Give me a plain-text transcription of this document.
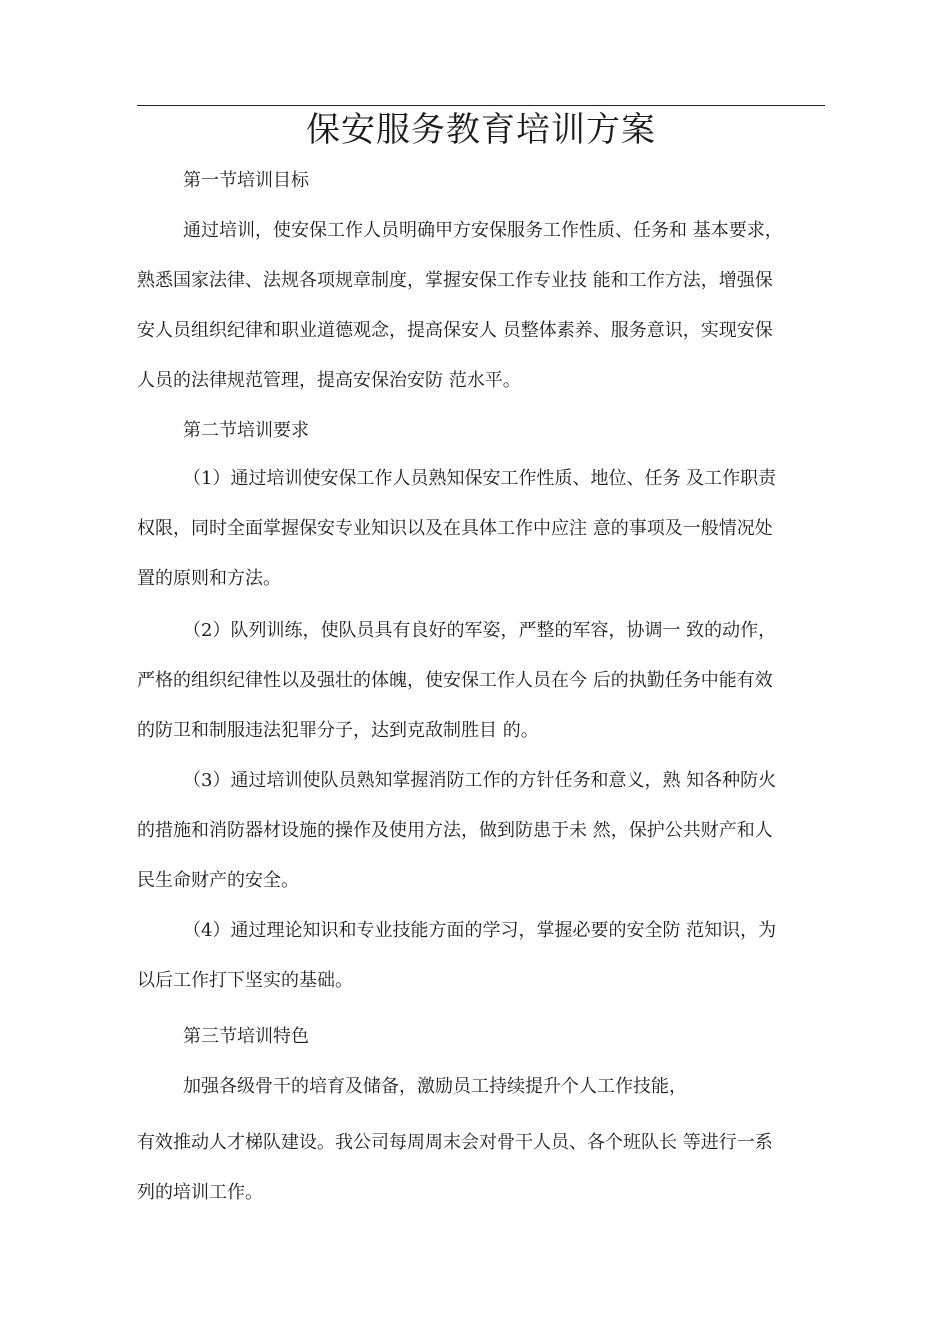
保安服务教育培训方案
第一节培训目标
通过培训，使安保工作人员明确甲方安保服务工作性质、任务和 基本要求，
熟悉国家法律、法规各项规章制度，掌握安保工作专业技 能和工作方法，增强保
安人员组织纪律和职业道德观念，提高保安人 员整体素养、服务意识，实现安保
人员的法律规范管理，提高安保治安防 范水平。
第二节培训要求
（1）通过培训使安保工作人员熟知保安工作性质、地位、任务 及工作职责
权限，同时全面掌握保安专业知识以及在具体工作中应注 意的事项及一般情况处
置的原则和方法。
（2）队列训练，使队员具有良好的军姿，严整的军容，协调一 致的动作，
严格的组织纪律性以及强壮的体魄，使安保工作人员在今 后的执勤任务中能有效
的防卫和制服违法犯罪分子，达到克敌制胜目 的。
（3）通过培训使队员熟知掌握消防工作的方针任务和意义，熟 知各种防火
的措施和消防器材设施的操作及使用方法，做到防患于未 然，保护公共财产和人
民生命财产的安全。
（4）通过理论知识和专业技能方面的学习，掌握必要的安全防 范知识，为
以后工作打下坚实的基础。
第三节培训特色
加强各级骨干的培育及储备，激励员工持续提升个人工作技能，
有效推动人才梯队建设。我公司每周周末会对骨干人员、各个班队长 等进行一系
列的培训工作。
